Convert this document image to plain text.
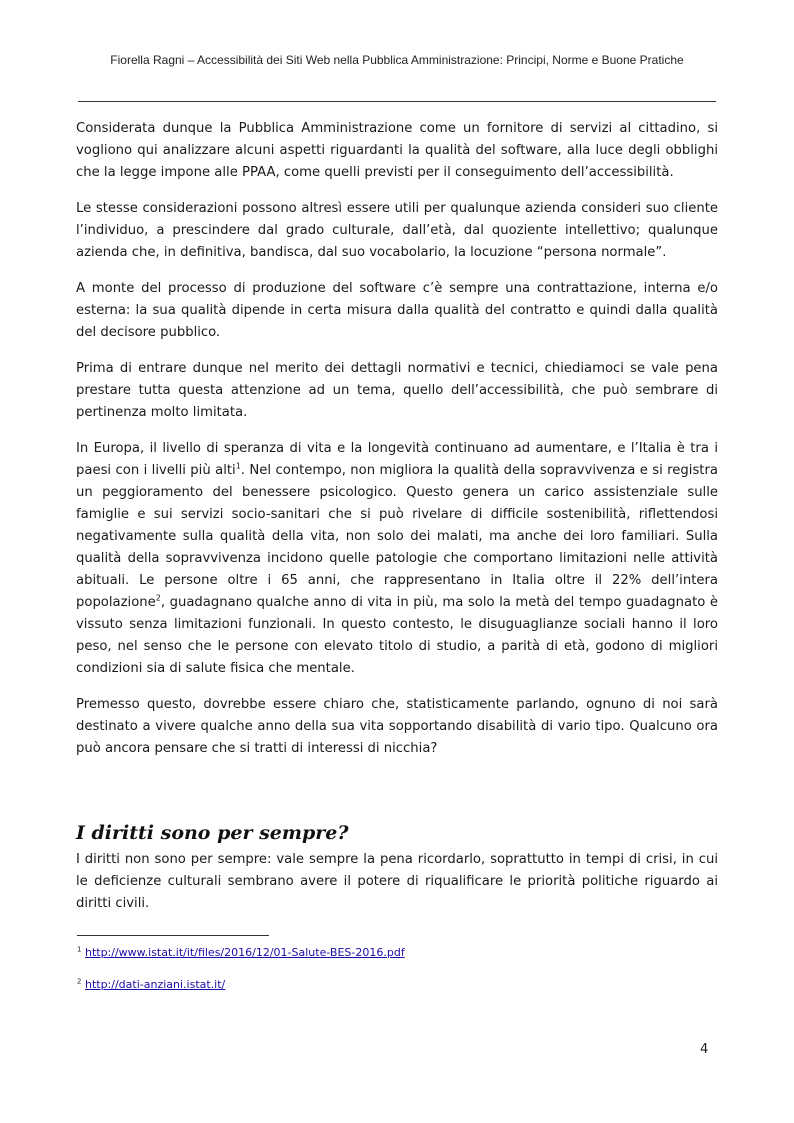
Fiorella Ragni – Accessibilità dei Siti Web nella Pubblica Amministrazione: Principi, Norme e Buone Pratiche

Considerata dunque la Pubblica Amministrazione come un fornitore di servizi al cittadino, si vogliono qui analizzare alcuni aspetti riguardanti la qualità del software, alla luce degli obblighi che la legge impone alle PPAA, come quelli previsti per il conseguimento dell’accessibilità.

Le stesse considerazioni possono altresì essere utili per qualunque azienda consideri suo cliente l’individuo, a prescindere dal grado culturale, dall’età, dal quoziente intellettivo; qualunque azienda che, in definitiva, bandisca, dal suo vocabolario, la locuzione “persona normale”.

A monte del processo di produzione del software c’è sempre una contrattazione, interna e/o esterna: la sua qualità dipende in certa misura dalla qualità del contratto e quindi dalla qualità del decisore pubblico.

Prima di entrare dunque nel merito dei dettagli normativi e tecnici, chiediamoci se vale pena prestare tutta questa attenzione ad un tema, quello dell’accessibilità, che può sembrare di pertinenza molto limitata.

In Europa, il livello di speranza di vita e la longevità continuano ad aumentare, e l’Italia è tra i paesi con i livelli più alti$^1$. Nel contempo, non migliora la qualità della sopravvivenza e si registra un peggioramento del benessere psicologico. Questo genera un carico assistenziale sulle famiglie e sui servizi socio-sanitari che si può rivelare di difficile sostenibilità, riflettendosi negativamente sulla qualità della vita, non solo dei malati, ma anche dei loro familiari. Sulla qualità della sopravvivenza incidono quelle patologie che comportano limitazioni nelle attività abituali. Le persone oltre i 65 anni, che rappresentano in Italia oltre il 22% dell’intera popolazione$^2$, guadagnano qualche anno di vita in più, ma solo la metà del tempo guadagnato è vissuto senza limitazioni funzionali. In questo contesto, le disuguaglianze sociali hanno il loro peso, nel senso che le persone con elevato titolo di studio, a parità di età, godono di migliori condizioni sia di salute fisica che mentale.

Premesso questo, dovrebbe essere chiaro che, statisticamente parlando, ognuno di noi sarà destinato a vivere qualche anno della sua vita sopportando disabilità di vario tipo. Qualcuno ora può ancora pensare che si tratti di interessi di nicchia?

I diritti sono per sempre?
I diritti non sono per sempre: vale sempre la pena ricordarlo, soprattutto in tempi di crisi, in cui le deficienze culturali sembrano avere il potere di riqualificare le priorità politiche riguardo ai diritti civili.
$^1$ http://www.istat.it/it/files/2016/12/01-Salute-BES-2016.pdf
$^2$ http://dati-anziani.istat.it/
4
